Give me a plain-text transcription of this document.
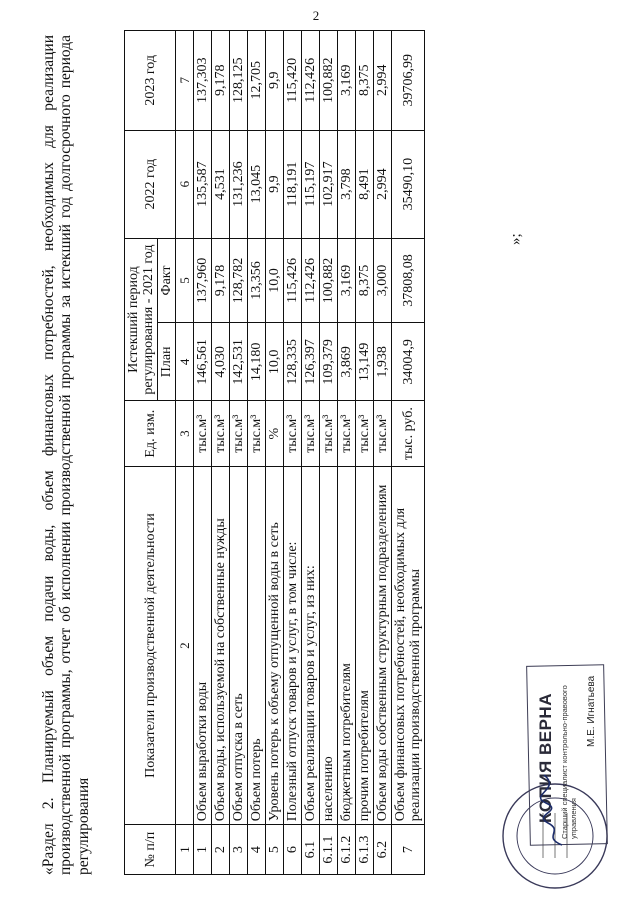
2

«Раздел 2. Планируемый объем подачи воды, объем финансовых потребностей, необходимых для реализации производственной программы, отчет об исполнении производственной программы за истекший год долгосрочного периода регулирования	№ п/п	Показатели производственной деятельности	Ед. изм.	Истекший период регулирования - 2021 год		2022 год	2023 год
			План	Факт		
1	2	3	4	5	6	7
1	Объем выработки воды	тыс.м³	146,561	137,960	135,587	137,303
2	Объем воды, используемой на собственные нужды	тыс.м³	4,030	9,178	4,531	9,178
3	Объем отпуска в сеть	тыс.м³	142,531	128,782	131,236	128,125
4	Объем потерь	тыс.м³	14,180	13,356	13,045	12,705
5	Уровень потерь к объему отпущенной воды в сеть	%	10,0	10,0	9,9	9,9
6	Полезный отпуск товаров и услуг, в том числе:	тыс.м³	128,335	115,426	118,191	115,420
6.1	Объем реализации товаров и услуг, из них:	тыс.м³	126,397	112,426	115,197	112,426
6.1.1	населению	тыс.м³	109,379	100,882	102,917	100,882
6.1.2	бюджетным потребителям	тыс.м³	3,869	3,169	3,798	3,169
6.1.3	прочим потребителям	тыс.м³	13,149	8,375	8,491	8,375
6.2	Объем воды собственным структурным подразделениям	тыс.м³	1,938	3,000	2,994	2,994
7	Объем финансовых потребностей, необходимых для реализации производственной программы	тыс. руб.	34004,9	37808,08	35490,10	39706,99
»;
КОПИЯ ВЕРНА Старший специалист контрольно-правового управления
М.Е. Игнатьева
